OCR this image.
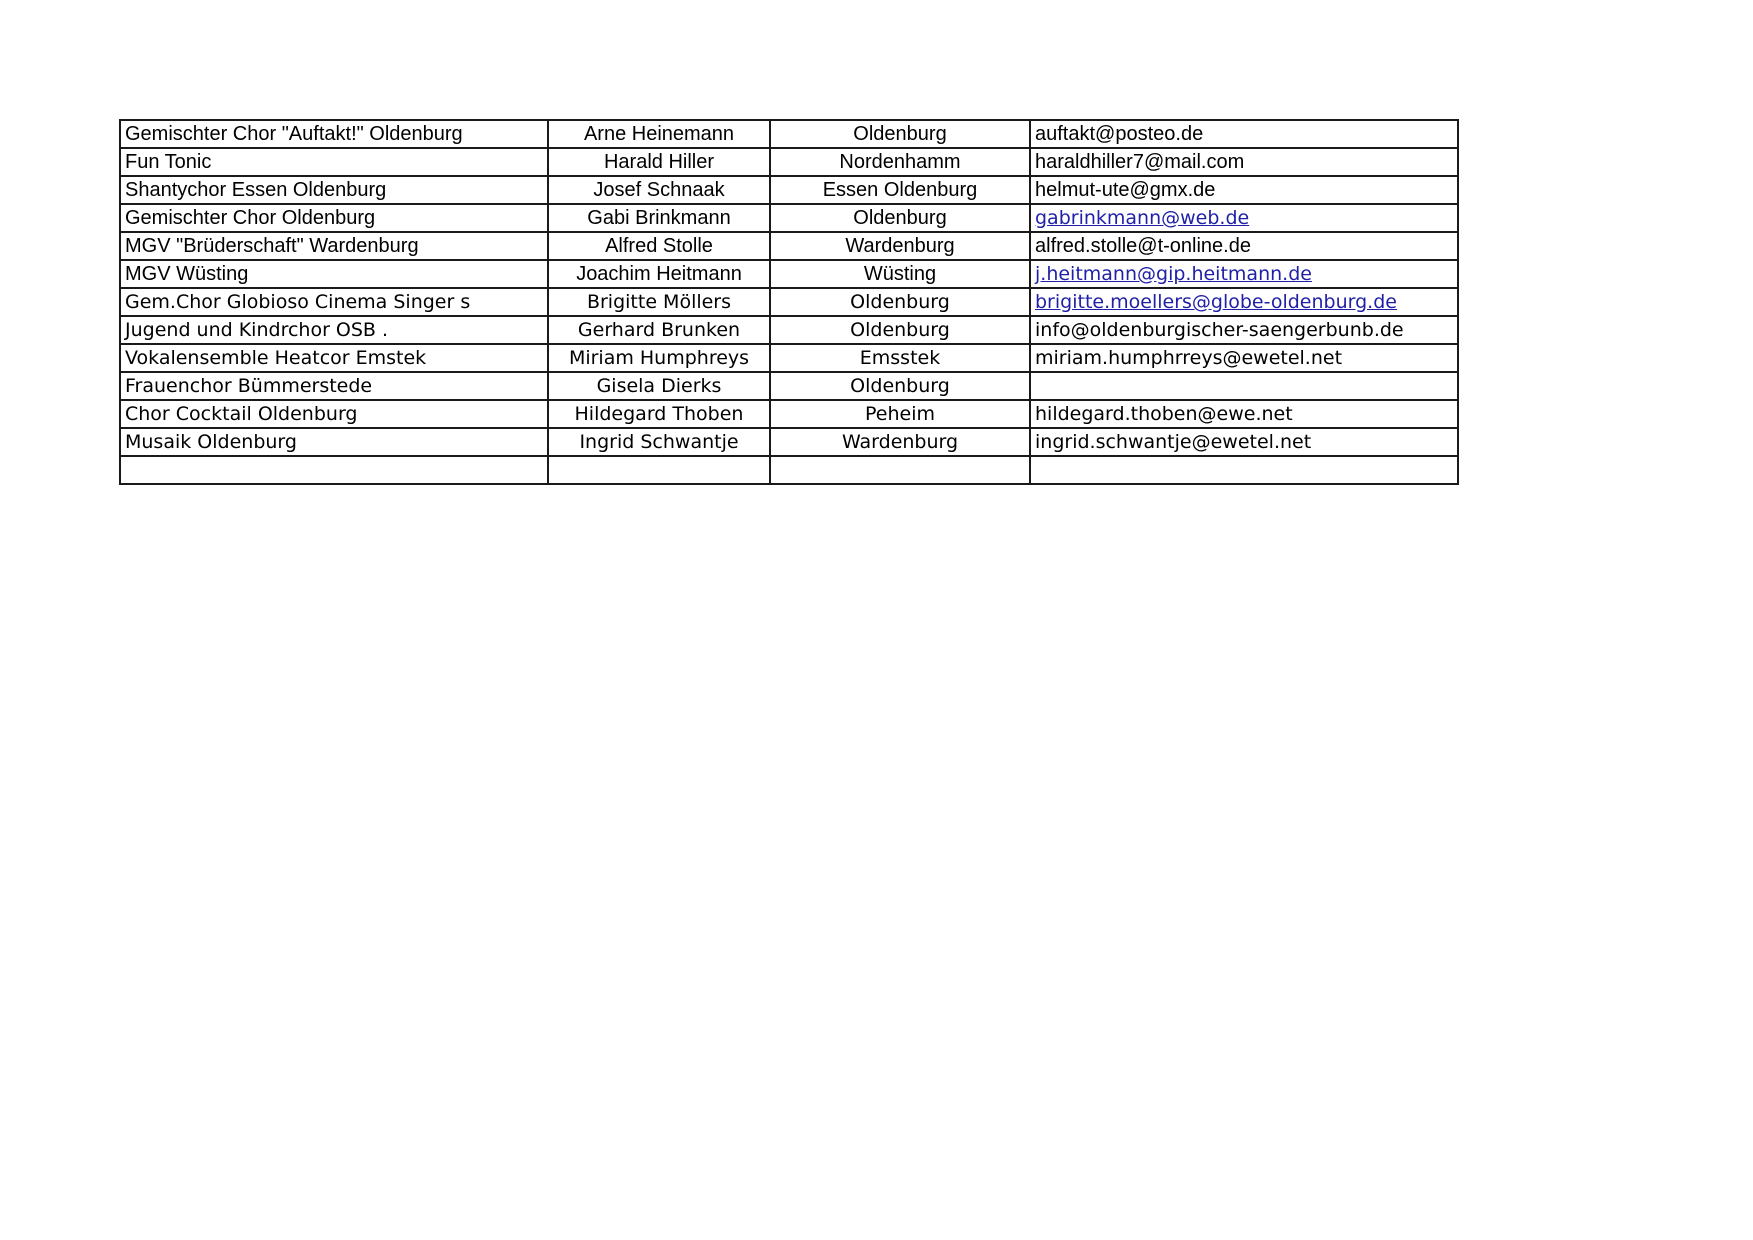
Gemischter Chor "Auftakt!" Oldenburg	Arne Heinemann	Oldenburg	auftakt@posteo.de
Fun Tonic	Harald Hiller	Nordenhamm	haraldhiller7@mail.com
Shantychor Essen Oldenburg	Josef Schnaak	Essen Oldenburg	helmut-ute@gmx.de
Gemischter Chor Oldenburg	Gabi Brinkmann	Oldenburg	gabrinkmann@web.de
MGV "Brüderschaft" Wardenburg	Alfred Stolle	Wardenburg	alfred.stolle@t-online.de
MGV Wüsting	Joachim Heitmann	Wüsting	j.heitmann@gip.heitmann.de
Gem.Chor Globioso Cinema Singer s	Brigitte Möllers	Oldenburg	brigitte.moellers@globe-oldenburg.de
Jugend und Kindrchor OSB .	Gerhard Brunken	Oldenburg	info@oldenburgischer-saengerbunb.de
Vokalensemble Heatcor Emstek	Miriam Humphreys	Emsstek	miriam.humphrreys@ewetel.net
Frauenchor Bümmerstede	Gisela Dierks	Oldenburg	
Chor Cocktail Oldenburg	Hildegard Thoben	Peheim	hildegard.thoben@ewe.net
Musaik Oldenburg	Ingrid Schwantje	Wardenburg	ingrid.schwantje@ewetel.net
